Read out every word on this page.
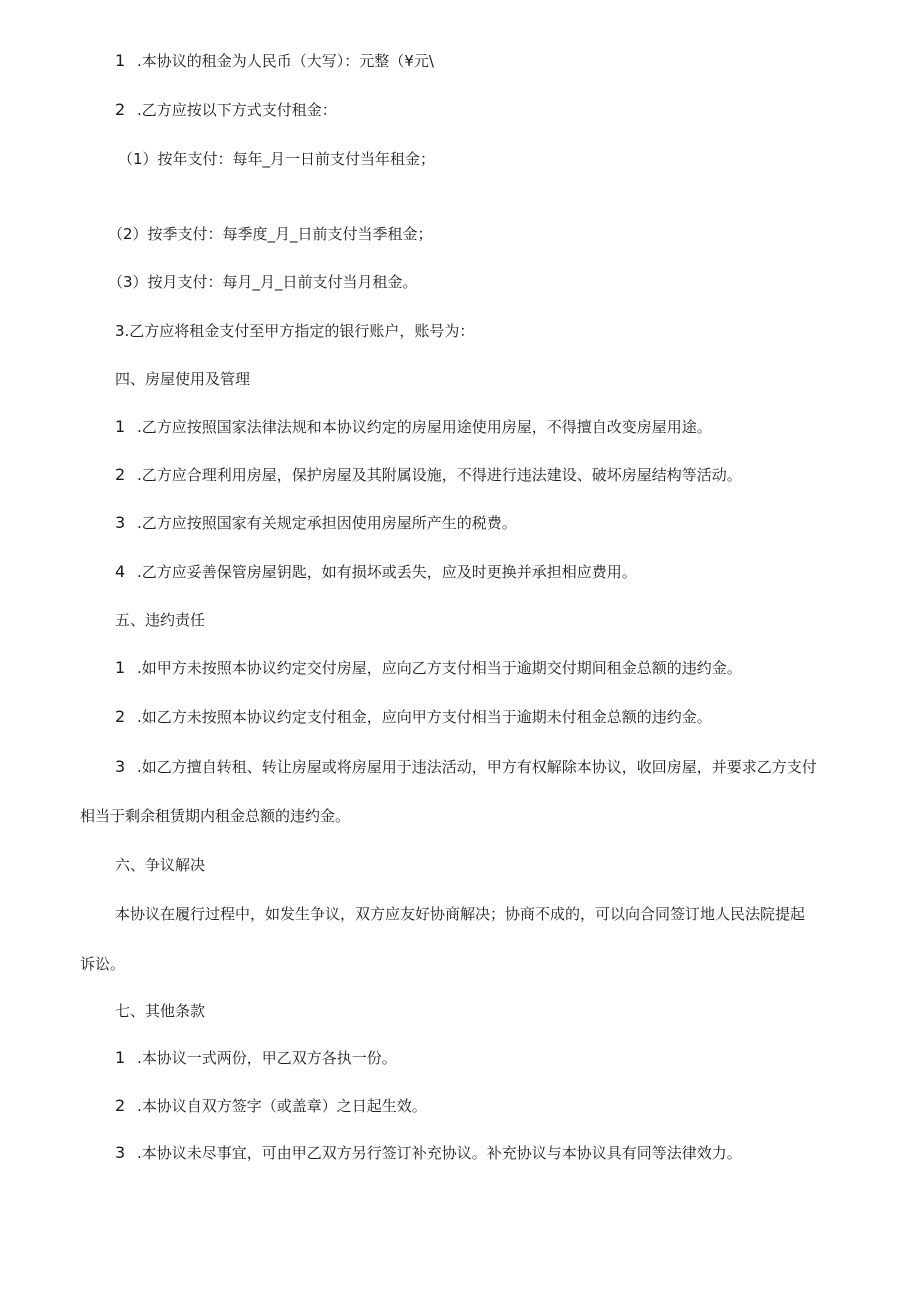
1 .本协议的租金为人民币（大写）：元整（¥元\
2 .乙方应按以下方式支付租金：
（1）按年支付：每年_月一日前支付当年租金；
（2）按季支付：每季度_月_日前支付当季租金；
（3）按月支付：每月_月_日前支付当月租金。
3.乙方应将租金支付至甲方指定的银行账户，账号为：
四、房屋使用及管理
1 .乙方应按照国家法律法规和本协议约定的房屋用途使用房屋，不得擅自改变房屋用途。
2 .乙方应合理利用房屋，保护房屋及其附属设施，不得进行违法建设、破坏房屋结构等活动。
3 .乙方应按照国家有关规定承担因使用房屋所产生的税费。
4 .乙方应妥善保管房屋钥匙，如有损坏或丢失，应及时更换并承担相应费用。
五、违约责任
1 .如甲方未按照本协议约定交付房屋，应向乙方支付相当于逾期交付期间租金总额的违约金。
2 .如乙方未按照本协议约定支付租金，应向甲方支付相当于逾期未付租金总额的违约金。
3 .如乙方擅自转租、转让房屋或将房屋用于违法活动，甲方有权解除本协议，收回房屋，并要求乙方支付
相当于剩余租赁期内租金总额的违约金。
六、争议解决
本协议在履行过程中，如发生争议，双方应友好协商解决；协商不成的，可以向合同签订地人民法院提起
诉讼。
七、其他条款
1 .本协议一式两份，甲乙双方各执一份。
2 .本协议自双方签字（或盖章）之日起生效。
3 .本协议未尽事宜，可由甲乙双方另行签订补充协议。补充协议与本协议具有同等法律效力。
